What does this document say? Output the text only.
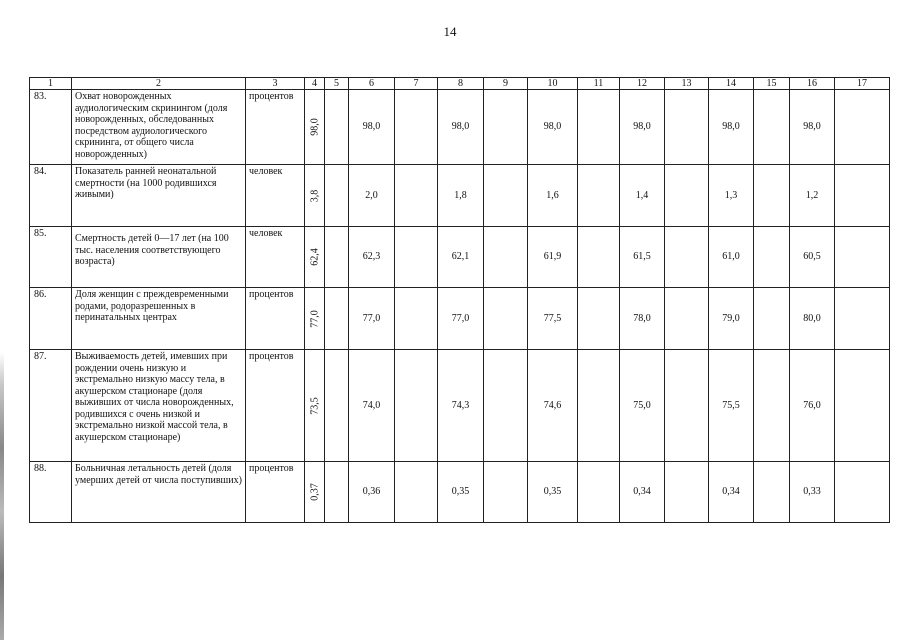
14
1	2	3	4	5	6	7	8	9	10	11	12	13	14	15	16	17
83.	Охват новорожденных аудиологическим скринингом (доля новорожденных, обследованных посредством аудиологического скрининга, от общего числа новорожденных)	процентов	98,0		98,0		98,0		98,0		98,0		98,0		98,0	
84.	Показатель ранней неонатальной смертности (на 1000 родившихся живыми)	человек	3,8		2,0		1,8		1,6		1,4		1,3		1,2	
85.	Смертность детей 0—17 лет (на 100 тыс. населения соответствующего возраста)	человек	62,4		62,3		62,1		61,9		61,5		61,0		60,5	
86.	Доля женщин с преждевременными родами, родоразрешенных в перинатальных центрах	процентов	77,0		77,0		77,0		77,5		78,0		79,0		80,0	
87.	Выживаемость детей, имевших при рождении очень низкую и экстремально низкую массу тела, в акушерском стационаре (доля выживших от числа новорожденных, родившихся с очень низкой и экстремально низкой массой тела, в акушерском стационаре)	процентов	73,5		74,0		74,3		74,6		75,0		75,5		76,0	
88.	Больничная летальность детей (доля умерших детей от числа поступивших)	процентов	0,37		0,36		0,35		0,35		0,34		0,34		0,33	
